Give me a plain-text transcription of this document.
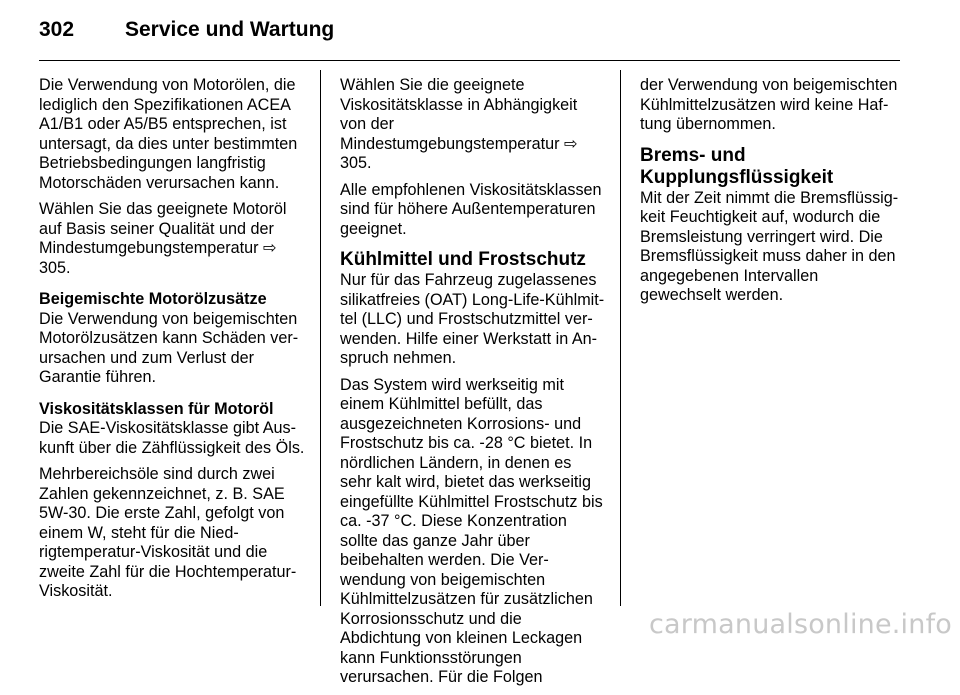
302	Service und Wartung

Die Verwendung von Motorölen, die lediglich den Spezifikationen ACEA A1/B1 oder A5/B5 entsprechen, ist untersagt, da dies unter bestimmten Betriebsbedingungen langfristig Motorschäden verursachen kann.

Wählen Sie das geeignete Motoröl auf Basis seiner Qualität und der Mindestumgebungstemperatur ⇨ 305.

Beigemischte Motorölzusätze

Die Verwendung von beigemischten Motorölzusätzen kann Schäden verursachen und zum Verlust der Garantie führen.

Viskositätsklassen für Motoröl

Die SAE-Viskositätsklasse gibt Auskunft über die Zähflüssigkeit des Öls.

Mehrbereichsöle sind durch zwei Zahlen gekennzeichnet, z. B. SAE 5W-30. Die erste Zahl, gefolgt von einem W, steht für die Niedrigtemperatur-Viskosität und die zweite Zahl für die Hochtemperatur-Viskosität.

Wählen Sie die geeignete Viskositätsklasse in Abhängigkeit von der Mindestumgebungstemperatur ⇨ 305.

Alle empfohlenen Viskositätsklassen sind für höhere Außentemperaturen geeignet.

Kühlmittel und Frostschutz

Nur für das Fahrzeug zugelassenes silikatfreies (OAT) Long-Life-Kühlmittel (LLC) und Frostschutzmittel verwenden. Hilfe einer Werkstatt in Anspruch nehmen.

Das System wird werkseitig mit einem Kühlmittel befüllt, das ausgezeichneten Korrosions- und Frostschutz bis ca. -28 °C bietet. In nördlichen Ländern, in denen es sehr kalt wird, bietet das werkseitig eingefüllte Kühlmittel Frostschutz bis ca. -37 °C. Diese Konzentration sollte das ganze Jahr über beibehalten werden. Die Verwendung von beigemischten Kühlmittelzusätzen für zusätzlichen Korrosionsschutz und die Abdichtung von kleinen Leckagen kann Funktionsstörungen verursachen. Für die Folgen

der Verwendung von beigemischten Kühlmittelzusätzen wird keine Haftung übernommen.

Brems- und Kupplungsflüssigkeit

Mit der Zeit nimmt die Bremsflüssigkeit Feuchtigkeit auf, wodurch die Bremsleistung verringert wird. Die Bremsflüssigkeit muss daher in den angegebenen Intervallen gewechselt werden.

carmanualsonline.info
